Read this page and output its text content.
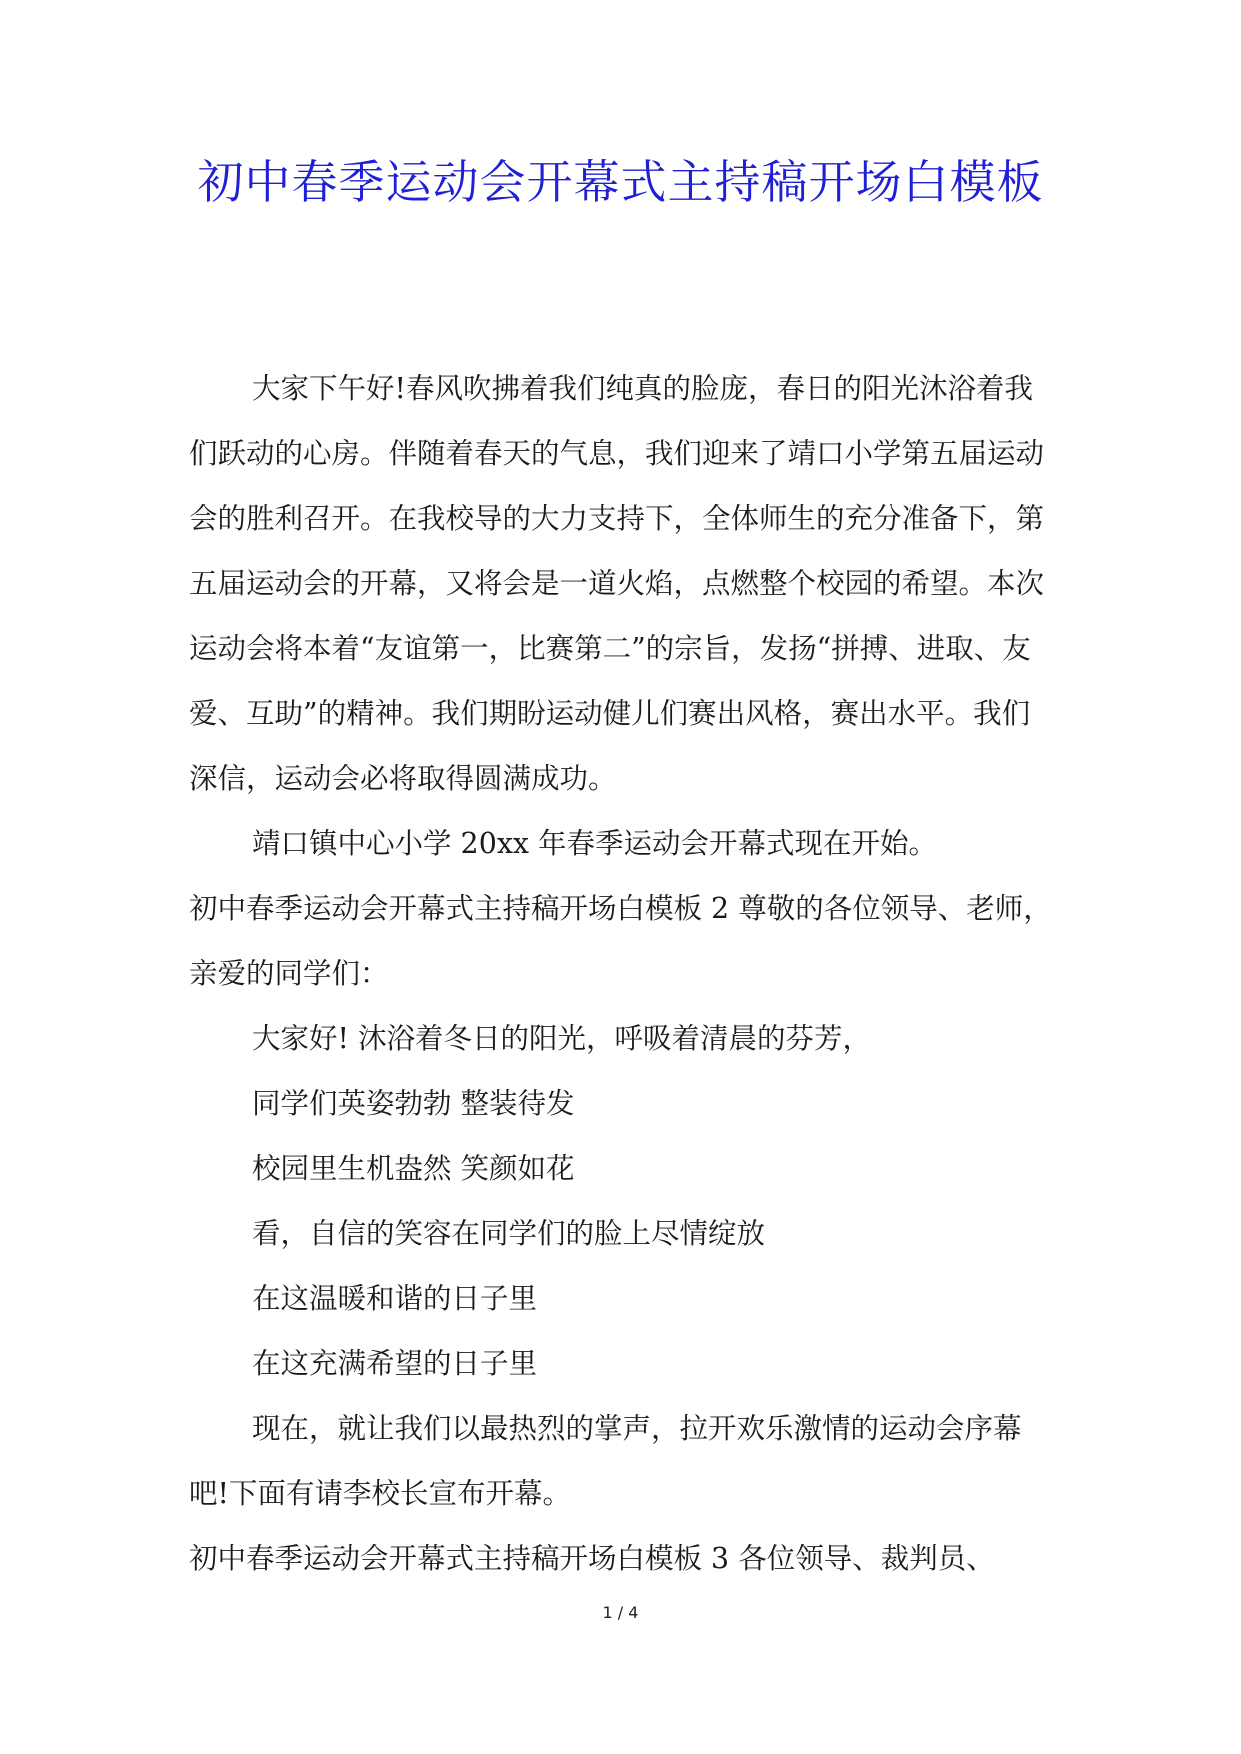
初中春季运动会开幕式主持稿开场白模板

大家下午好!春风吹拂着我们纯真的脸庞，春日的阳光沐浴着我们跃动的心房。伴随着春天的气息，我们迎来了靖口小学第五届运动会的胜利召开。在我校导的大力支持下，全体师生的充分准备下，第五届运动会的开幕，又将会是一道火焰，点燃整个校园的希望。本次运动会将本着“友谊第一，比赛第二”的宗旨，发扬“拼搏、进取、友爱、互助”的精神。我们期盼运动健儿们赛出风格，赛出水平。我们深信，运动会必将取得圆满成功。

靖口镇中心小学 20xx 年春季运动会开幕式现在开始。

初中春季运动会开幕式主持稿开场白模板 2 尊敬的各位领导、老师，亲爱的同学们：

大家好! 沐浴着冬日的阳光，呼吸着清晨的芬芳，

同学们英姿勃勃 整装待发

校园里生机盎然 笑颜如花

看，自信的笑容在同学们的脸上尽情绽放

在这温暖和谐的日子里

在这充满希望的日子里

现在，就让我们以最热烈的掌声，拉开欢乐激情的运动会序幕吧!下面有请李校长宣布开幕。

初中春季运动会开幕式主持稿开场白模板 3 各位领导、裁判员、

1 / 4
